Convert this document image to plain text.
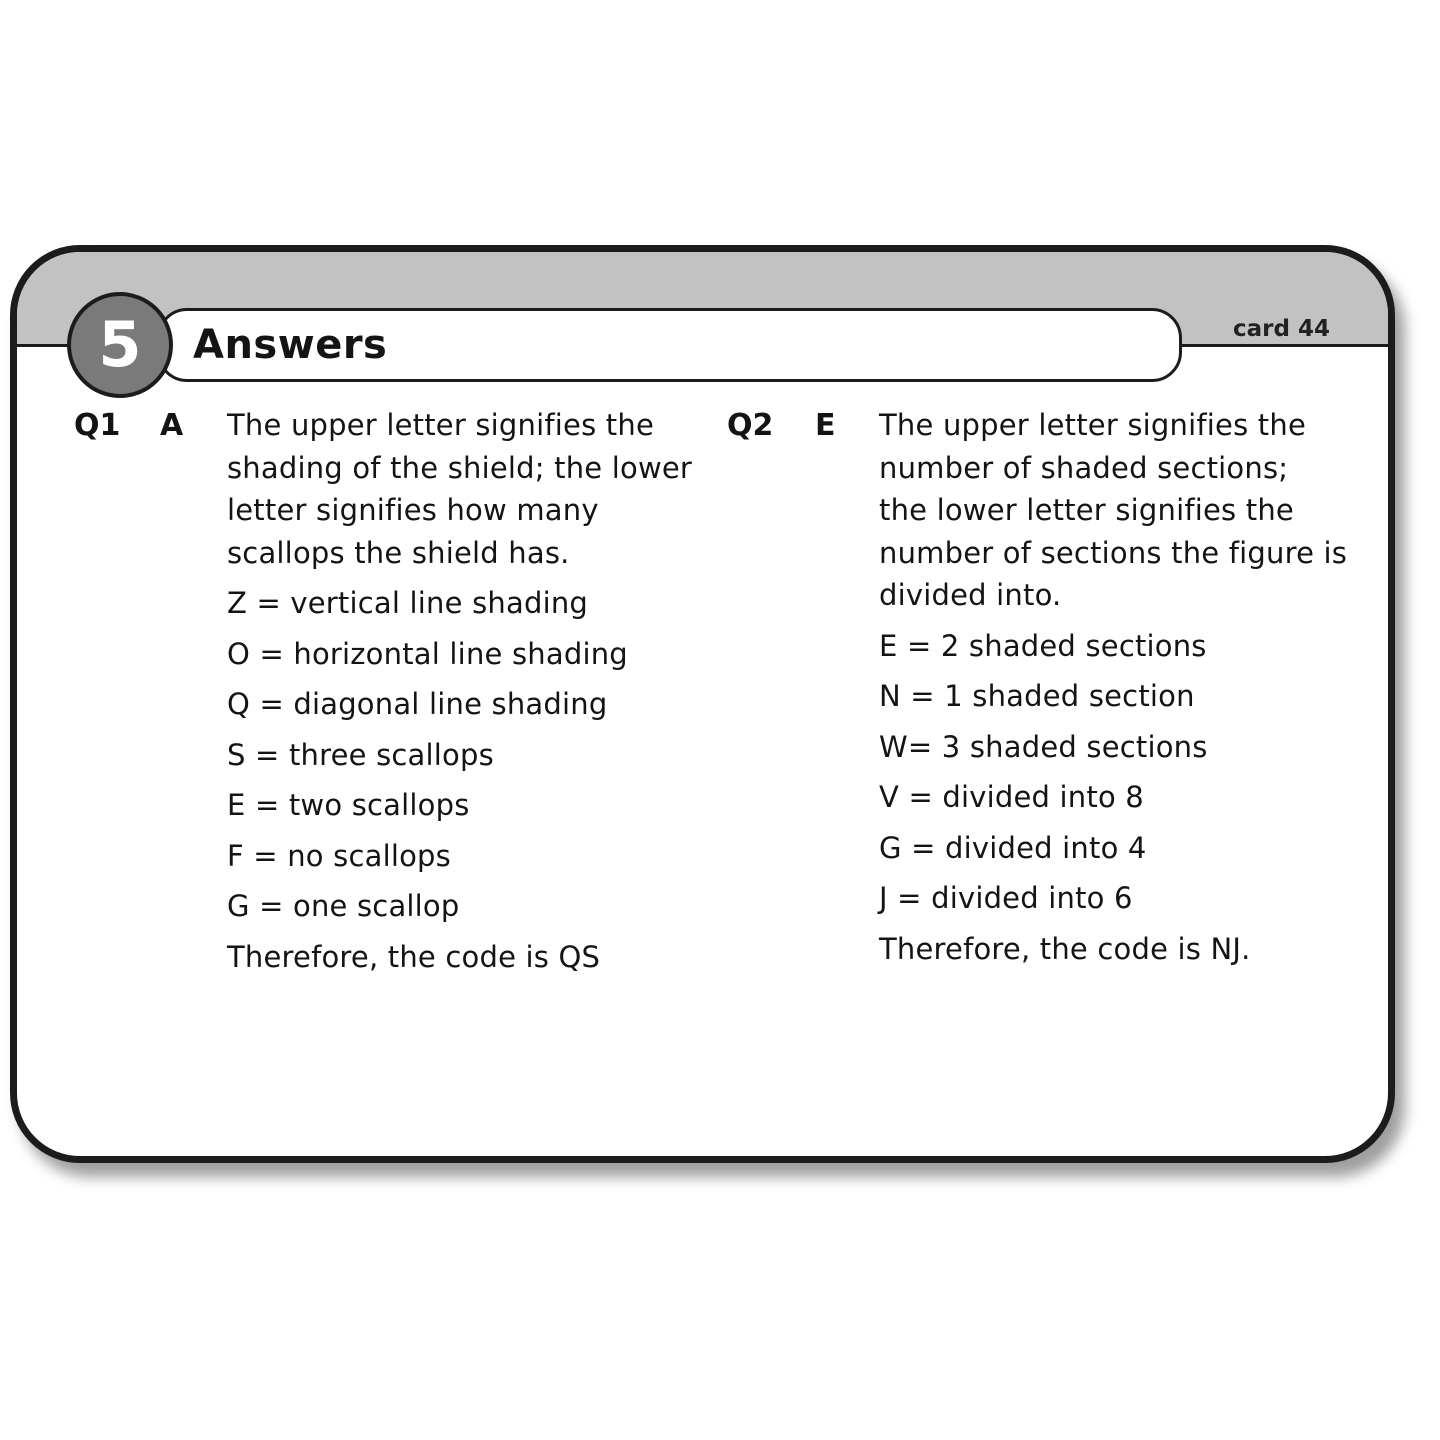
card 44
Answers
5
Q1 A The upper letter signifies the
shading of the shield; the lower
letter signifies how many
scallops the shield has.
Z = vertical line shading
O = horizontal line shading
Q = diagonal line shading
S = three scallops
E = two scallops
F = no scallops
G = one scallop
Therefore, the code is QS
Q2 E The upper letter signifies the
number of shaded sections;
the lower letter signifies the
number of sections the figure is
divided into.
E = 2 shaded sections
N = 1 shaded section
W= 3 shaded sections
V = divided into 8
G = divided into 4
J = divided into 6
Therefore, the code is NJ.
